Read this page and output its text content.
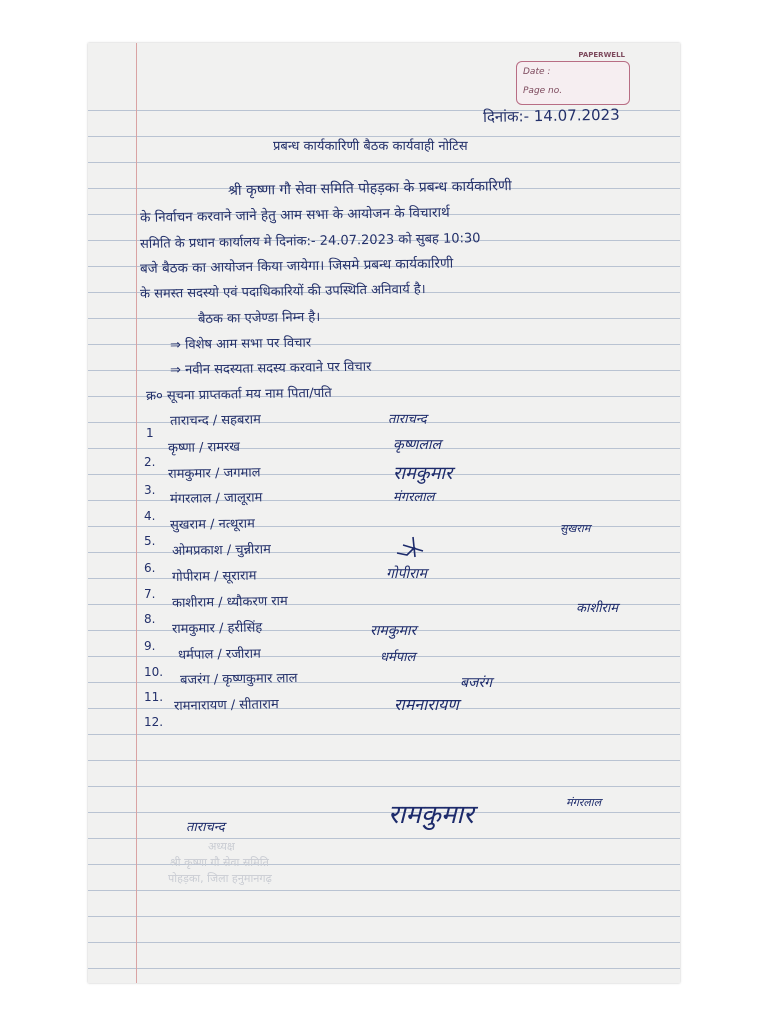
PAPERWELL
Date :
Page no.
दिनांक:- 14.07.2023
प्रबन्ध कार्यकारिणी बैठक कार्यवाही नोटिस
श्री कृष्णा गौ सेवा समिति पोहड़का के प्रबन्ध कार्यकारिणी
के निर्वाचन करवाने जाने हेतु आम सभा के आयोजन के विचारार्थ
समिति के प्रधान कार्यालय मे दिनांक:- 24.07.2023 को सुबह 10:30
बजे बैठक का आयोजन किया जायेगा। जिसमे प्रबन्ध कार्यकारिणी
के समस्त सदस्यो एवं पदाधिकारियों की उपस्थिति अनिवार्य है।
बैठक का एजेण्डा निम्न है।
⇒ विशेष आम सभा पर विचार
⇒ नवीन सदस्यता सदस्य करवाने पर विचार
क्र० सूचना प्राप्तकर्ता मय नाम पिता/पति
1
ताराचन्द / सहबराम	ताराचन्द
2.
कृष्णा / रामरख	कृष्णलाल
3.
रामकुमार / जगमाल	रामकुमार
4.
मंगरलाल / जालूराम	मंगरलाल
5.
सुखराम / नत्थूराम	सुखराम
6.
ओमप्रकाश / चुन्नीराम
7.
गोपीराम / सूराराम	गोपीराम
8.
काशीराम / ध्यौकरण राम	काशीराम
9.
रामकुमार / हरीसिंह	रामकुमार
10.
धर्मपाल / रजीराम	धर्मपाल
11.
बजरंग / कृष्णकुमार लाल	बजरंग
12.
रामनारायण / सीताराम	रामनारायण
ताराचन्द	रामकुमार	मंगरलाल
अध्यक्ष
श्री कृष्णा गौ सेवा समिति
पोहड़का, जिला हनुमानगढ़
